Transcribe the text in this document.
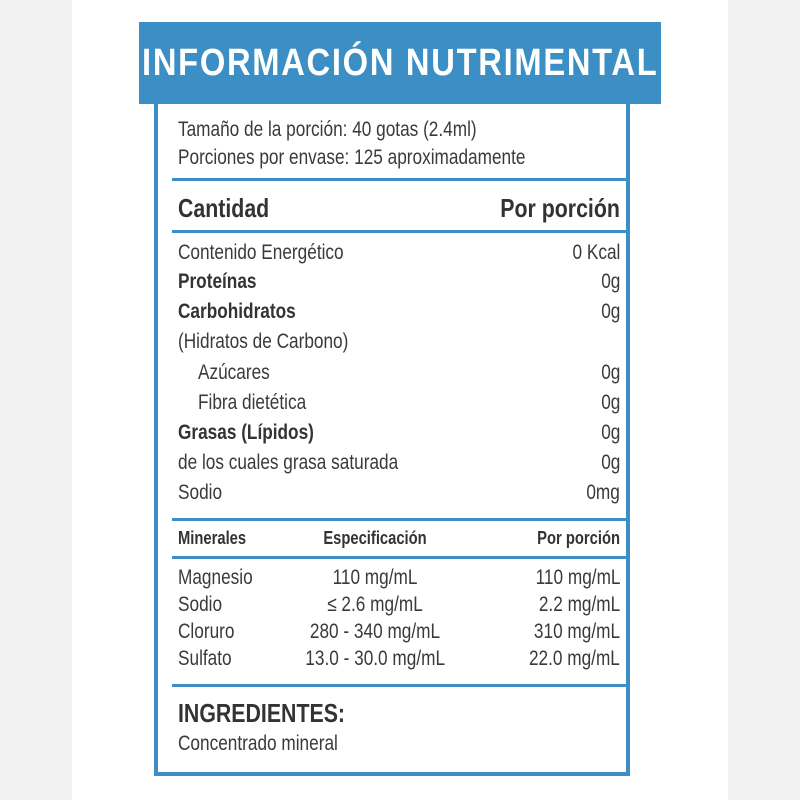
INFORMACIÓN NUTRIMENTAL
Tamaño de la porción: 40 gotas (2.4ml)
Porciones por envase: 125 aproximadamente
Cantidad	Por porción
Contenido Energético	0 Kcal
Proteínas	0g
Carbohidratos	0g
(Hidratos de Carbono)
Azúcares	0g
Fibra dietética	0g
Grasas (Lípidos)	0g
de los cuales grasa saturada	0g
Sodio	0mg
Minerales	Especificación	Por porción
Magnesio	110 mg/mL	110 mg/mL
Sodio	≤ 2.6 mg/mL	2.2 mg/mL
Cloruro	280 - 340 mg/mL	310 mg/mL
Sulfato	13.0 - 30.0 mg/mL	22.0 mg/mL
INGREDIENTES:
Concentrado mineral
